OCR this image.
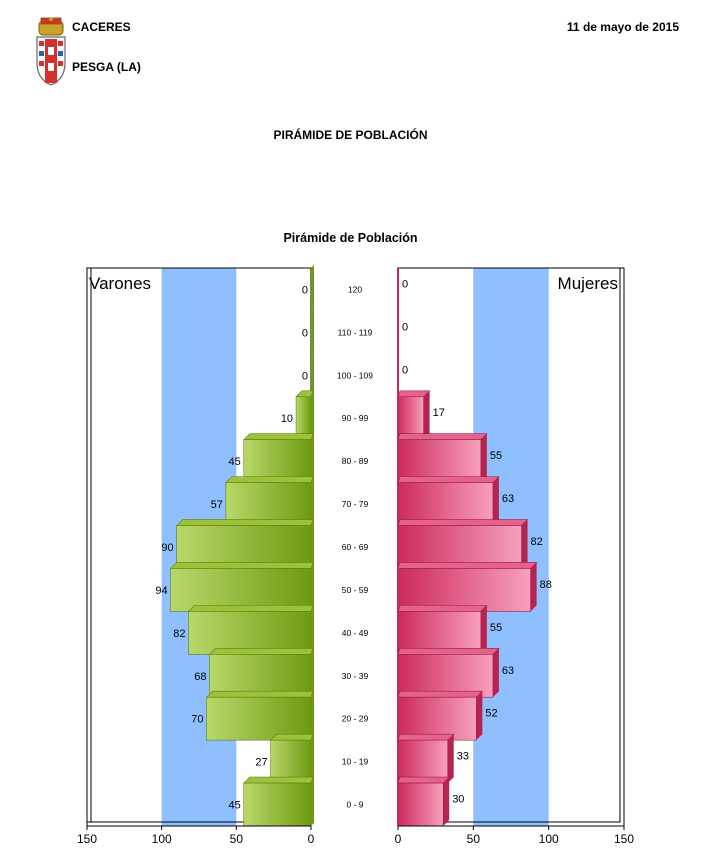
CACERES
PESGA (LA)
11 de mayo de 2015
PIRÁMIDE DE POBLACIÓN
Pirámide de Población
0	0
120
0	0
110 - 119
0	0
100 - 109
10	17
90 - 99
45	55
80 - 89
57	63
70 - 79
90	82
60 - 69
94	88
50 - 59
82	55
40 - 49
68	63
30 - 39
70	52
20 - 29
27	33
10 - 19
45	30
0 - 9
150	100	50	0	0	50	100	150
Varones	Mujeres
